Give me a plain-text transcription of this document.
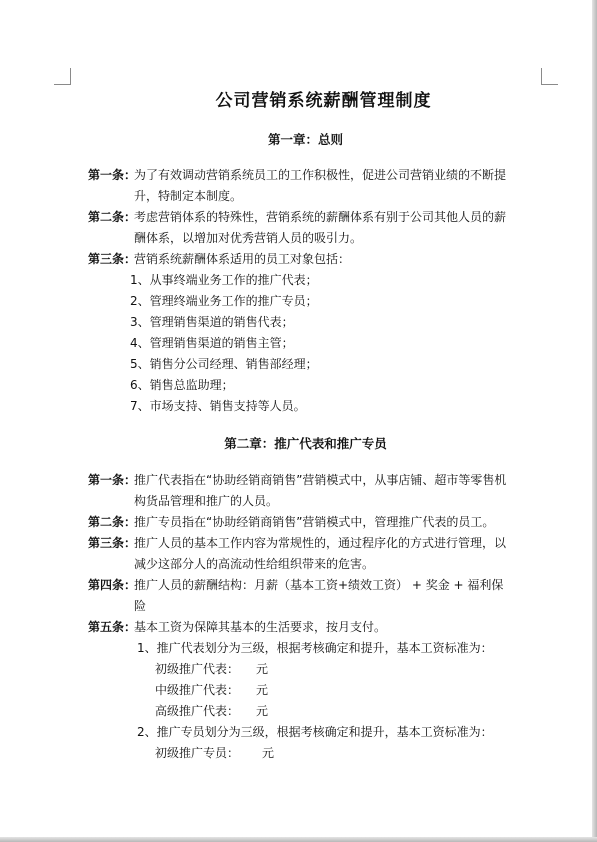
公司营销系统薪酬管理制度
第一章：总则
第一条：
为了有效调动营销系统员工的工作积极性，促进公司营销业绩的不断提升，特制定本制度。
第二条：
考虑营销体系的特殊性，营销系统的薪酬体系有别于公司其他人员的薪酬体系，以增加对优秀营销人员的吸引力。
第三条：
营销系统薪酬体系适用的员工对象包括：
1、从事终端业务工作的推广代表；
2、管理终端业务工作的推广专员；
3、管理销售渠道的销售代表；
4、管理销售渠道的销售主管；
5、销售分公司经理、销售部经理；
6、销售总监助理；
7、市场支持、销售支持等人员。
第二章：推广代表和推广专员
第一条：
推广代表指在“协助经销商销售”营销模式中，从事店铺、超市等零售机构货品管理和推广的人员。
第二条：
推广专员指在“协助经销商销售”营销模式中，管理推广代表的员工。
第三条：
推广人员的基本工作内容为常规性的，通过程序化的方式进行管理，以减少这部分人的高流动性给组织带来的危害。
第四条：
推广人员的薪酬结构：月薪（基本工资+绩效工资） + 奖金 + 福利保险
第五条：
基本工资为保障其基本的生活要求，按月支付。
1、推广代表划分为三级，根据考核确定和提升，基本工资标准为：
初级推广代表： 元
中级推广代表： 元
高级推广代表： 元
2、推广专员划分为三级，根据考核确定和提升，基本工资标准为：
初级推广专员： 元
